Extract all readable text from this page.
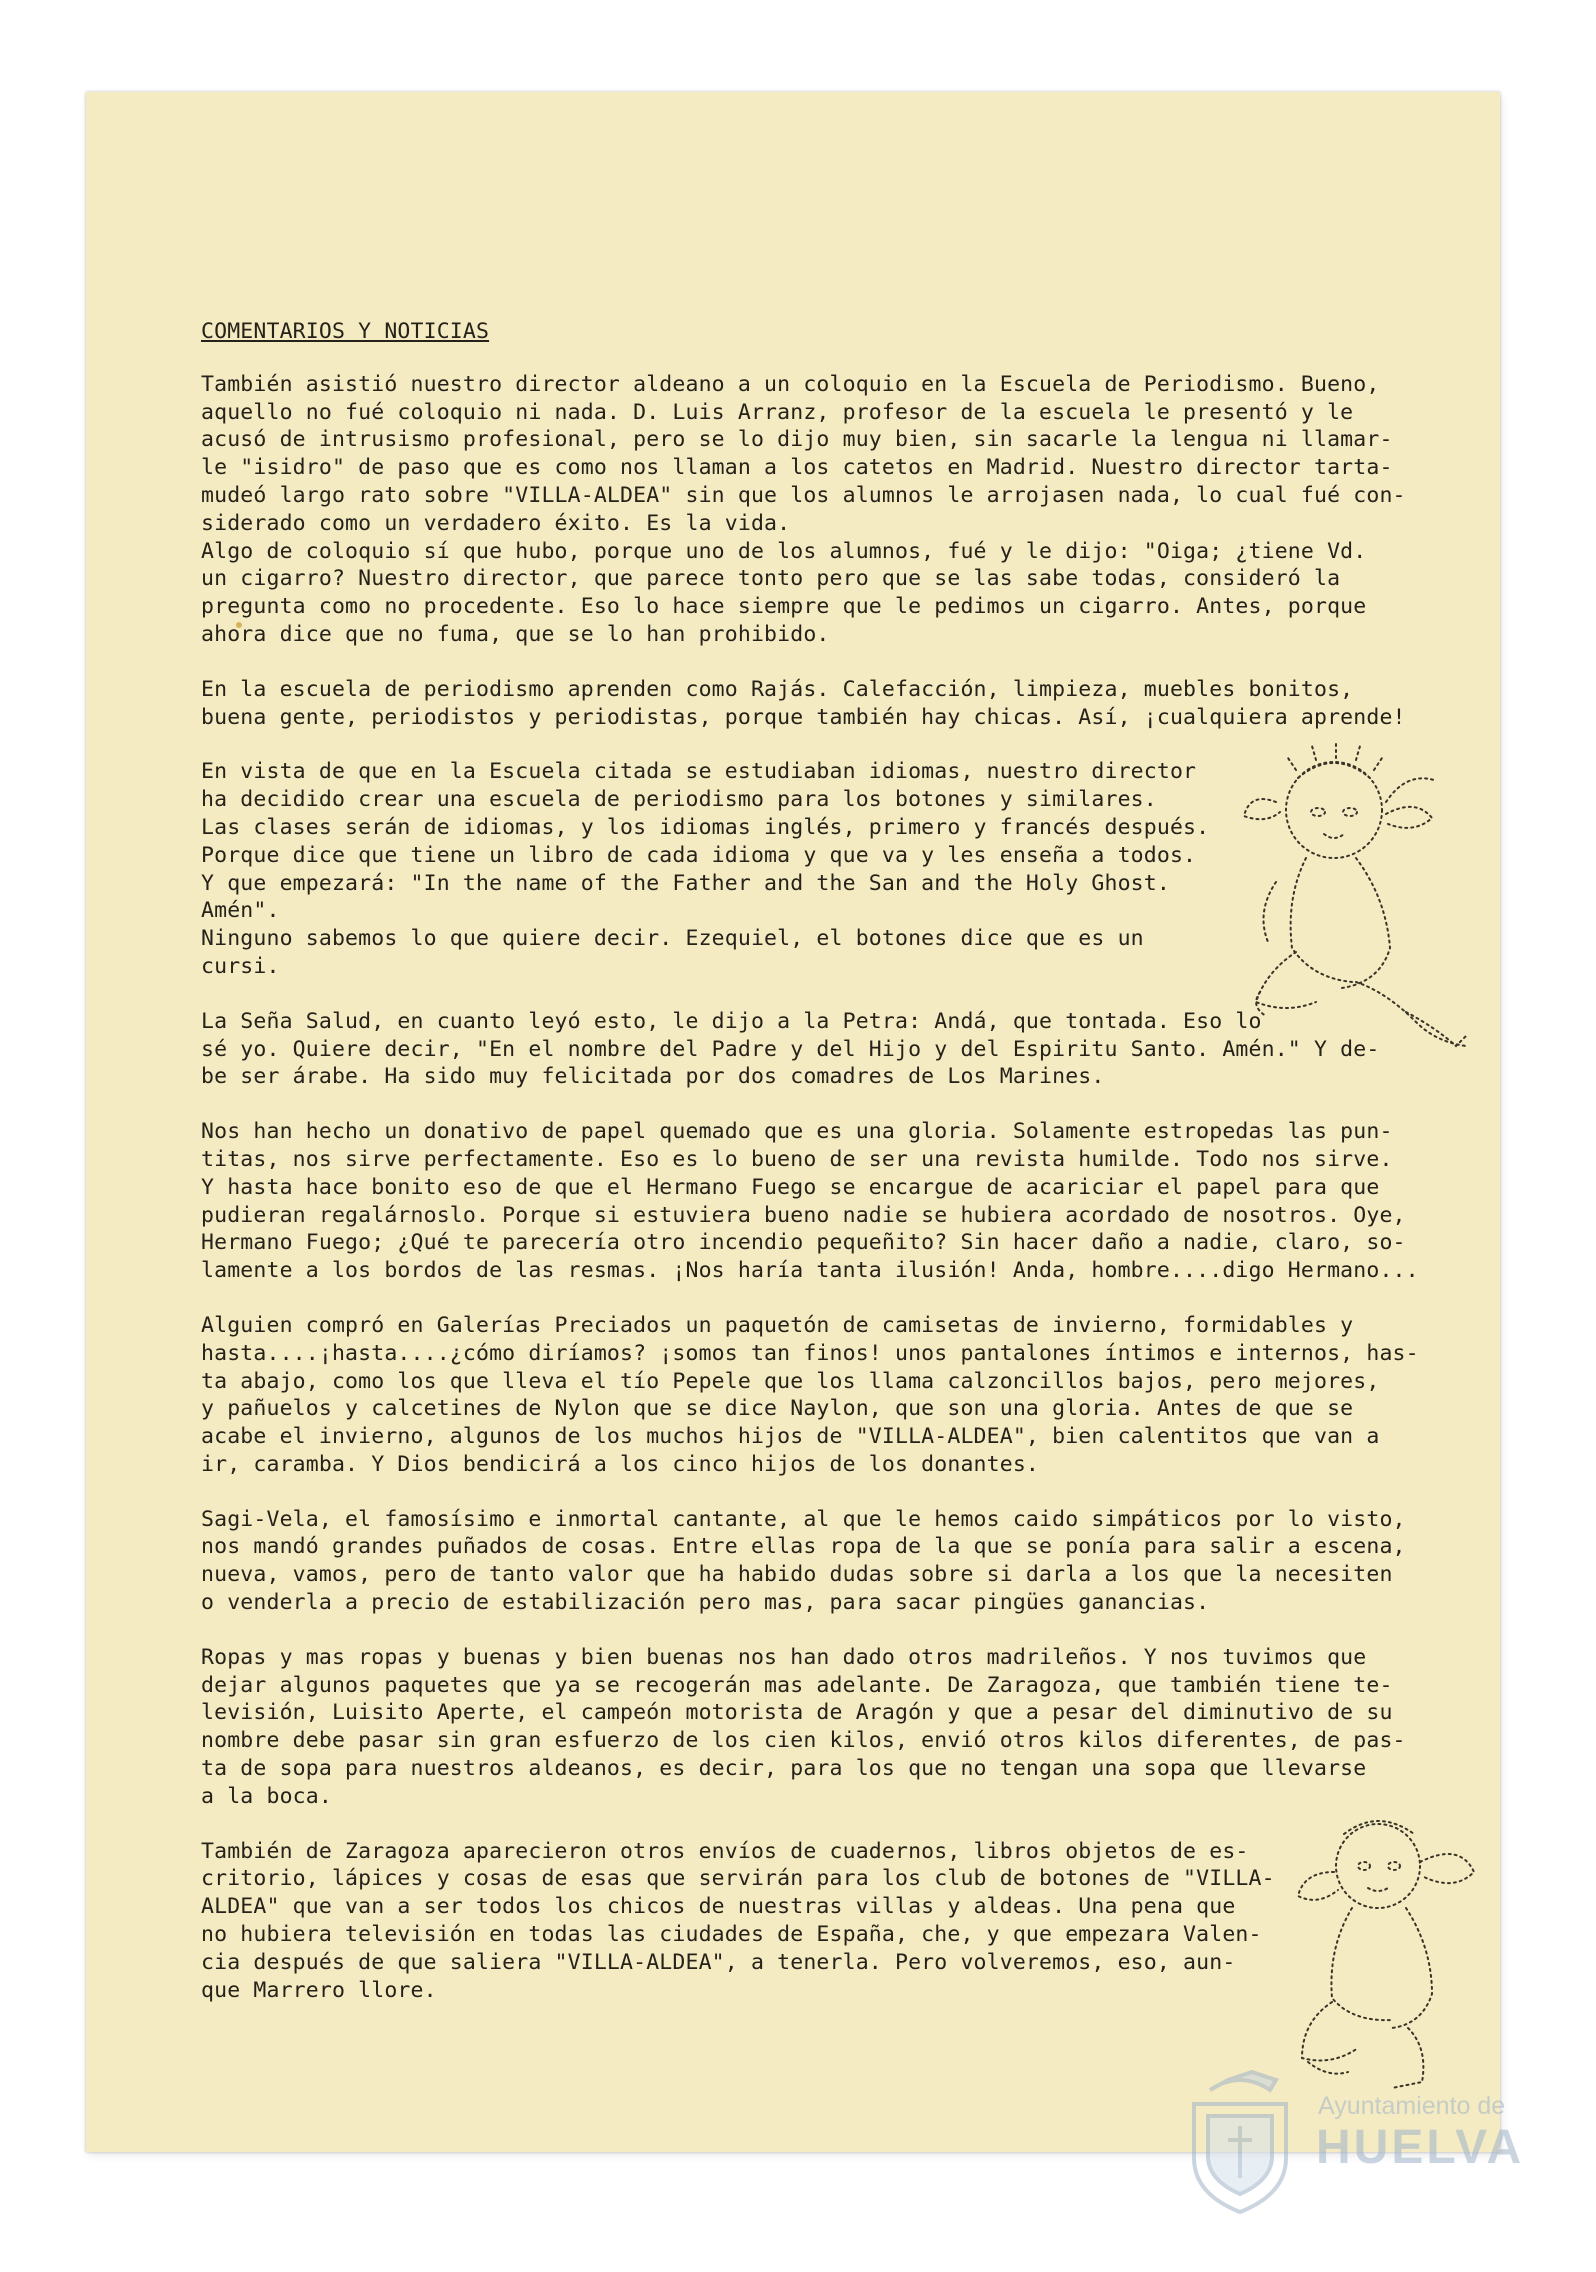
COMENTARIOS Y NOTICIAS

También asistió nuestro director aldeano a un coloquio en la Escuela de Periodismo. Bueno,
aquello no fué coloquio ni nada. D. Luis Arranz, profesor de la escuela le presentó y le
acusó de intrusismo profesional, pero se lo dijo muy bien, sin sacarle la lengua ni llamar-
le "isidro" de paso que es como nos llaman a los catetos en Madrid. Nuestro director tarta-
mudeó largo rato sobre "VILLA-ALDEA" sin que los alumnos le arrojasen nada, lo cual fué con-
siderado como un verdadero éxito. Es la vida.
Algo de coloquio sí que hubo, porque uno de los alumnos, fué y le dijo: "Oiga; ¿tiene Vd.
un cigarro? Nuestro director, que parece tonto pero que se las sabe todas, consideró la
pregunta como no procedente. Eso lo hace siempre que le pedimos un cigarro. Antes, porque
ahora dice que no fuma, que se lo han prohibido.

En la escuela de periodismo aprenden como Rajás. Calefacción, limpieza, muebles bonitos,
buena gente, periodistos y periodistas, porque también hay chicas. Así, ¡cualquiera aprende!

En vista de que en la Escuela citada se estudiaban idiomas, nuestro director
ha decidido crear una escuela de periodismo para los botones y similares.
Las clases serán de idiomas, y los idiomas inglés, primero y francés después.
Porque dice que tiene un libro de cada idioma y que va y les enseña a todos.
Y que empezará: "In the name of the Father and the San and the Holy Ghost.
Amén".
Ninguno sabemos lo que quiere decir. Ezequiel, el botones dice que es un
cursi.

La Seña Salud, en cuanto leyó esto, le dijo a la Petra: Andá, que tontada. Eso lo
sé yo. Quiere decir, "En el nombre del Padre y del Hijo y del Espiritu Santo. Amén." Y de-
be ser árabe. Ha sido muy felicitada por dos comadres de Los Marines.

Nos han hecho un donativo de papel quemado que es una gloria. Solamente estropedas las pun-
titas, nos sirve perfectamente. Eso es lo bueno de ser una revista humilde. Todo nos sirve.
Y hasta hace bonito eso de que el Hermano Fuego se encargue de acariciar el papel para que
pudieran regalárnoslo. Porque si estuviera bueno nadie se hubiera acordado de nosotros. Oye,
Hermano Fuego; ¿Qué te parecería otro incendio pequeñito? Sin hacer daño a nadie, claro, so-
lamente a los bordos de las resmas. ¡Nos haría tanta ilusión! Anda, hombre....digo Hermano...

Alguien compró en Galerías Preciados un paquetón de camisetas de invierno, formidables y
hasta....¡hasta....¿cómo diríamos? ¡somos tan finos! unos pantalones íntimos e internos, has-
ta abajo, como los que lleva el tío Pepele que los llama calzoncillos bajos, pero mejores,
y pañuelos y calcetines de Nylon que se dice Naylon, que son una gloria. Antes de que se
acabe el invierno, algunos de los muchos hijos de "VILLA-ALDEA", bien calentitos que van a
ir, caramba. Y Dios bendicirá a los cinco hijos de los donantes.

Sagi-Vela, el famosísimo e inmortal cantante, al que le hemos caido simpáticos por lo visto,
nos mandó grandes puñados de cosas. Entre ellas ropa de la que se ponía para salir a escena,
nueva, vamos, pero de tanto valor que ha habido dudas sobre si darla a los que la necesiten
o venderla a precio de estabilización pero mas, para sacar pingües ganancias.

Ropas y mas ropas y buenas y bien buenas nos han dado otros madrileños. Y nos tuvimos que
dejar algunos paquetes que ya se recogerán mas adelante. De Zaragoza, que también tiene te-
levisión, Luisito Aperte, el campeón motorista de Aragón y que a pesar del diminutivo de su
nombre debe pasar sin gran esfuerzo de los cien kilos, envió otros kilos diferentes, de pas-
ta de sopa para nuestros aldeanos, es decir, para los que no tengan una sopa que llevarse
a la boca.

También de Zaragoza aparecieron otros envíos de cuadernos, libros objetos de es-
critorio, lápices y cosas de esas que servirán para los club de botones de "VILLA-
ALDEA" que van a ser todos los chicos de nuestras villas y aldeas. Una pena que
no hubiera televisión en todas las ciudades de España, che, y que empezara Valen-
cia después de que saliera "VILLA-ALDEA", a tenerla. Pero volveremos, eso, aun-
que Marrero llore.

Ayuntamiento de
HUELVA
